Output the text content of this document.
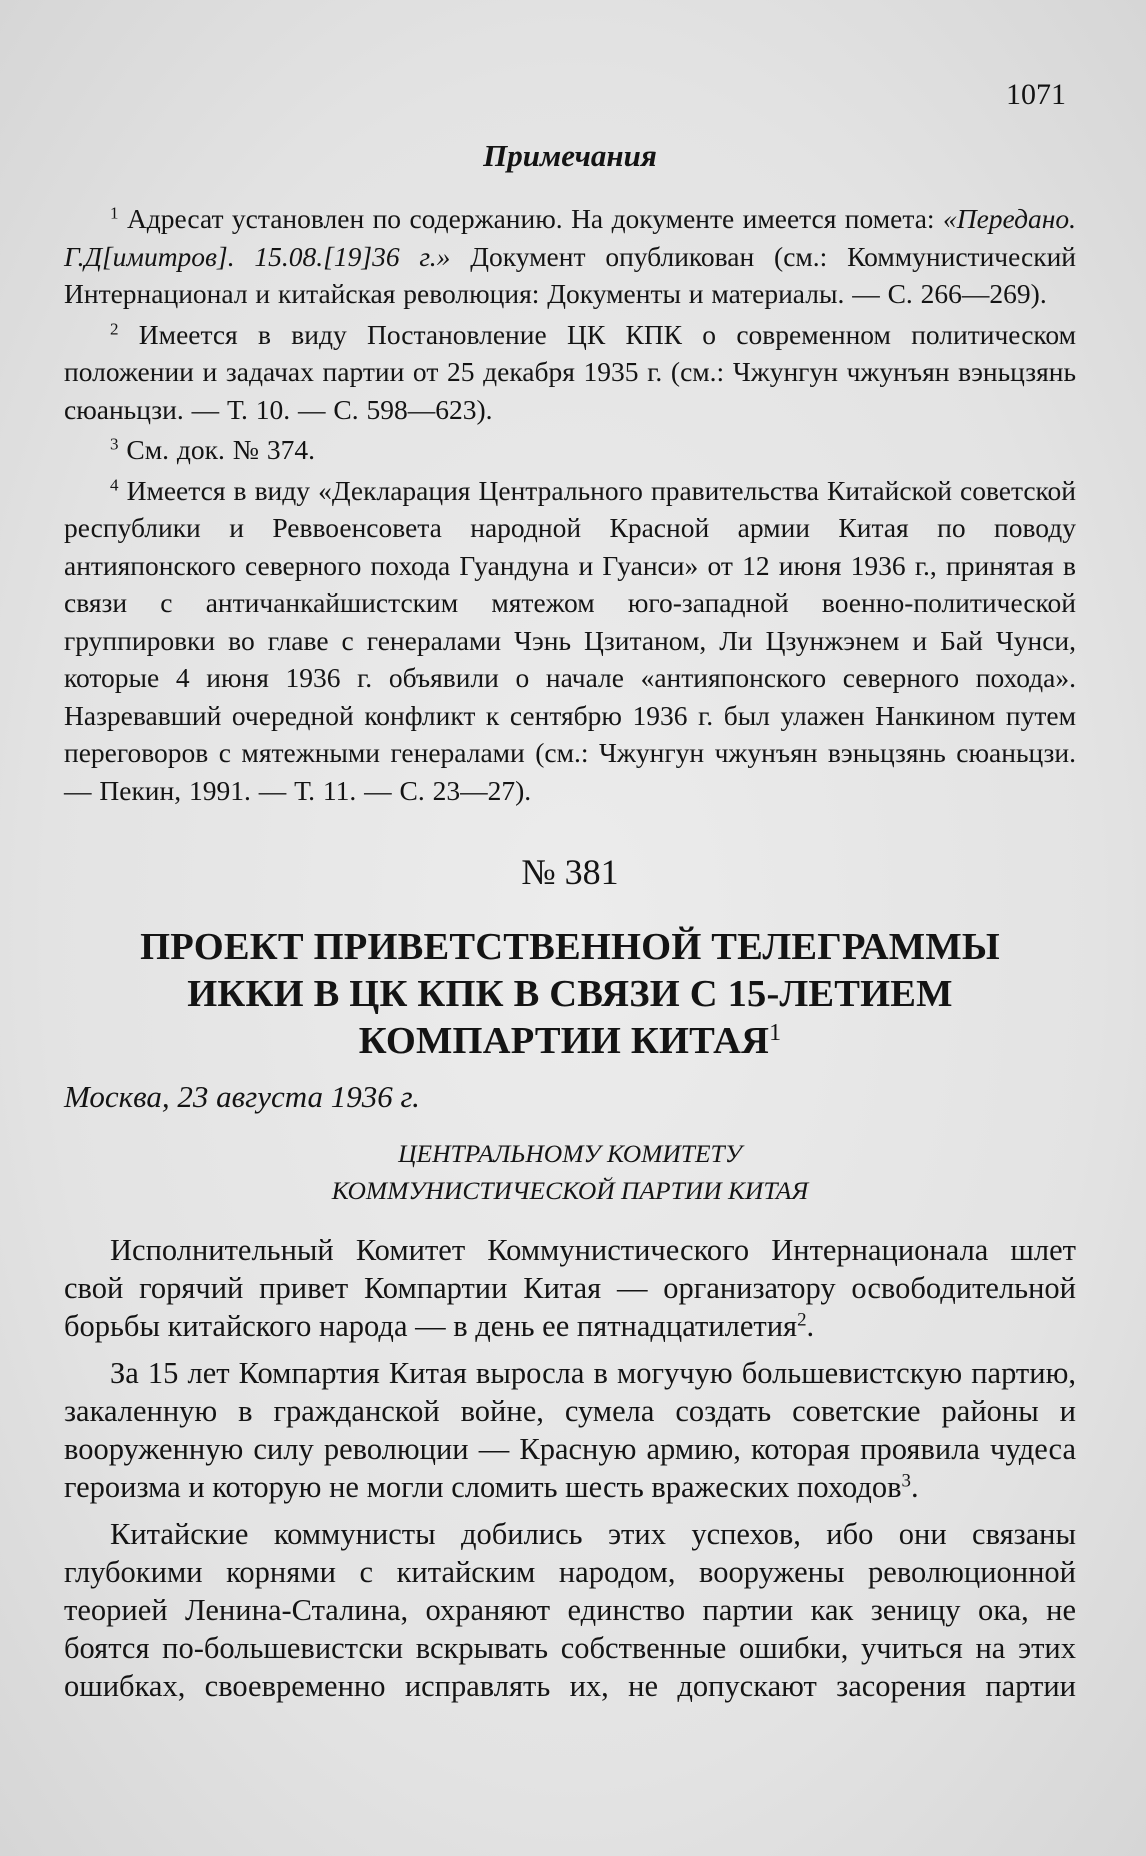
1071
Примечания

$^1$ Адресат установлен по содержанию. На документе имеется помета: «Передано. Г.Д[имитров]. 15.08.[19]36 г.» Документ опубликован (см.: Коммунистический Интернационал и китайская революция: Документы и материалы. — С. 266—269).

$^2$ Имеется в виду Постановление ЦК КПК о современном политическом положении и задачах партии от 25 декабря 1935 г. (см.: Чжунгун чжунъян вэньцзянь сюаньцзи. — Т. 10. — С. 598—623).

$^3$ См. док. № 374.

$^4$ Имеется в виду «Декларация Центрального правительства Китайской советской республики и Реввоенсовета народной Красной армии Китая по поводу антияпонского северного похода Гуандуна и Гуанси» от 12 июня 1936 г., принятая в связи с античанкайшистским мятежом юго-западной военно-политической группировки во главе с генералами Чэнь Цзитаном, Ли Цзунжэнем и Бай Чунси, которые 4 июня 1936 г. объявили о начале «антияпонского северного похода». Назревавший очередной конфликт к сентябрю 1936 г. был улажен Нанкином путем переговоров с мятежными генералами (см.: Чжунгун чжунъян вэньцзянь сюаньцзи. — Пекин, 1991. — Т. 11. — С. 23—27).

№ 381
ПРОЕКТ ПРИВЕТСТВЕННОЙ ТЕЛЕГРАММЫ
ИККИ В ЦК КПК В СВЯЗИ С 15-ЛЕТИЕМ
КОМПАРТИИ КИТАЯ$^1$
Москва, 23 августа 1936 г.
ЦЕНТРАЛЬНОМУ КОМИТЕТУ
КОММУНИСТИЧЕСКОЙ ПАРТИИ КИТАЯ

Исполнительный Комитет Коммунистического Интернационала шлет свой горячий привет Компартии Китая — организатору освободительной борьбы китайского народа — в день ее пятнадцатилетия$^2$.

За 15 лет Компартия Китая выросла в могучую большевистскую партию, закаленную в гражданской войне, сумела создать советские районы и вооруженную силу революции — Красную армию, которая проявила чудеса героизма и которую не могли сломить шесть вражеских походов$^3$.

Китайские коммунисты добились этих успехов, ибо они связаны глубокими корнями с китайским народом, вооружены революционной теорией Ленина-Сталина, охраняют единство партии как зеницу ока, не боятся по-большевистски вскрывать собственные ошибки, учиться на этих ошибках, своевременно исправлять их, не допускают засорения партии
